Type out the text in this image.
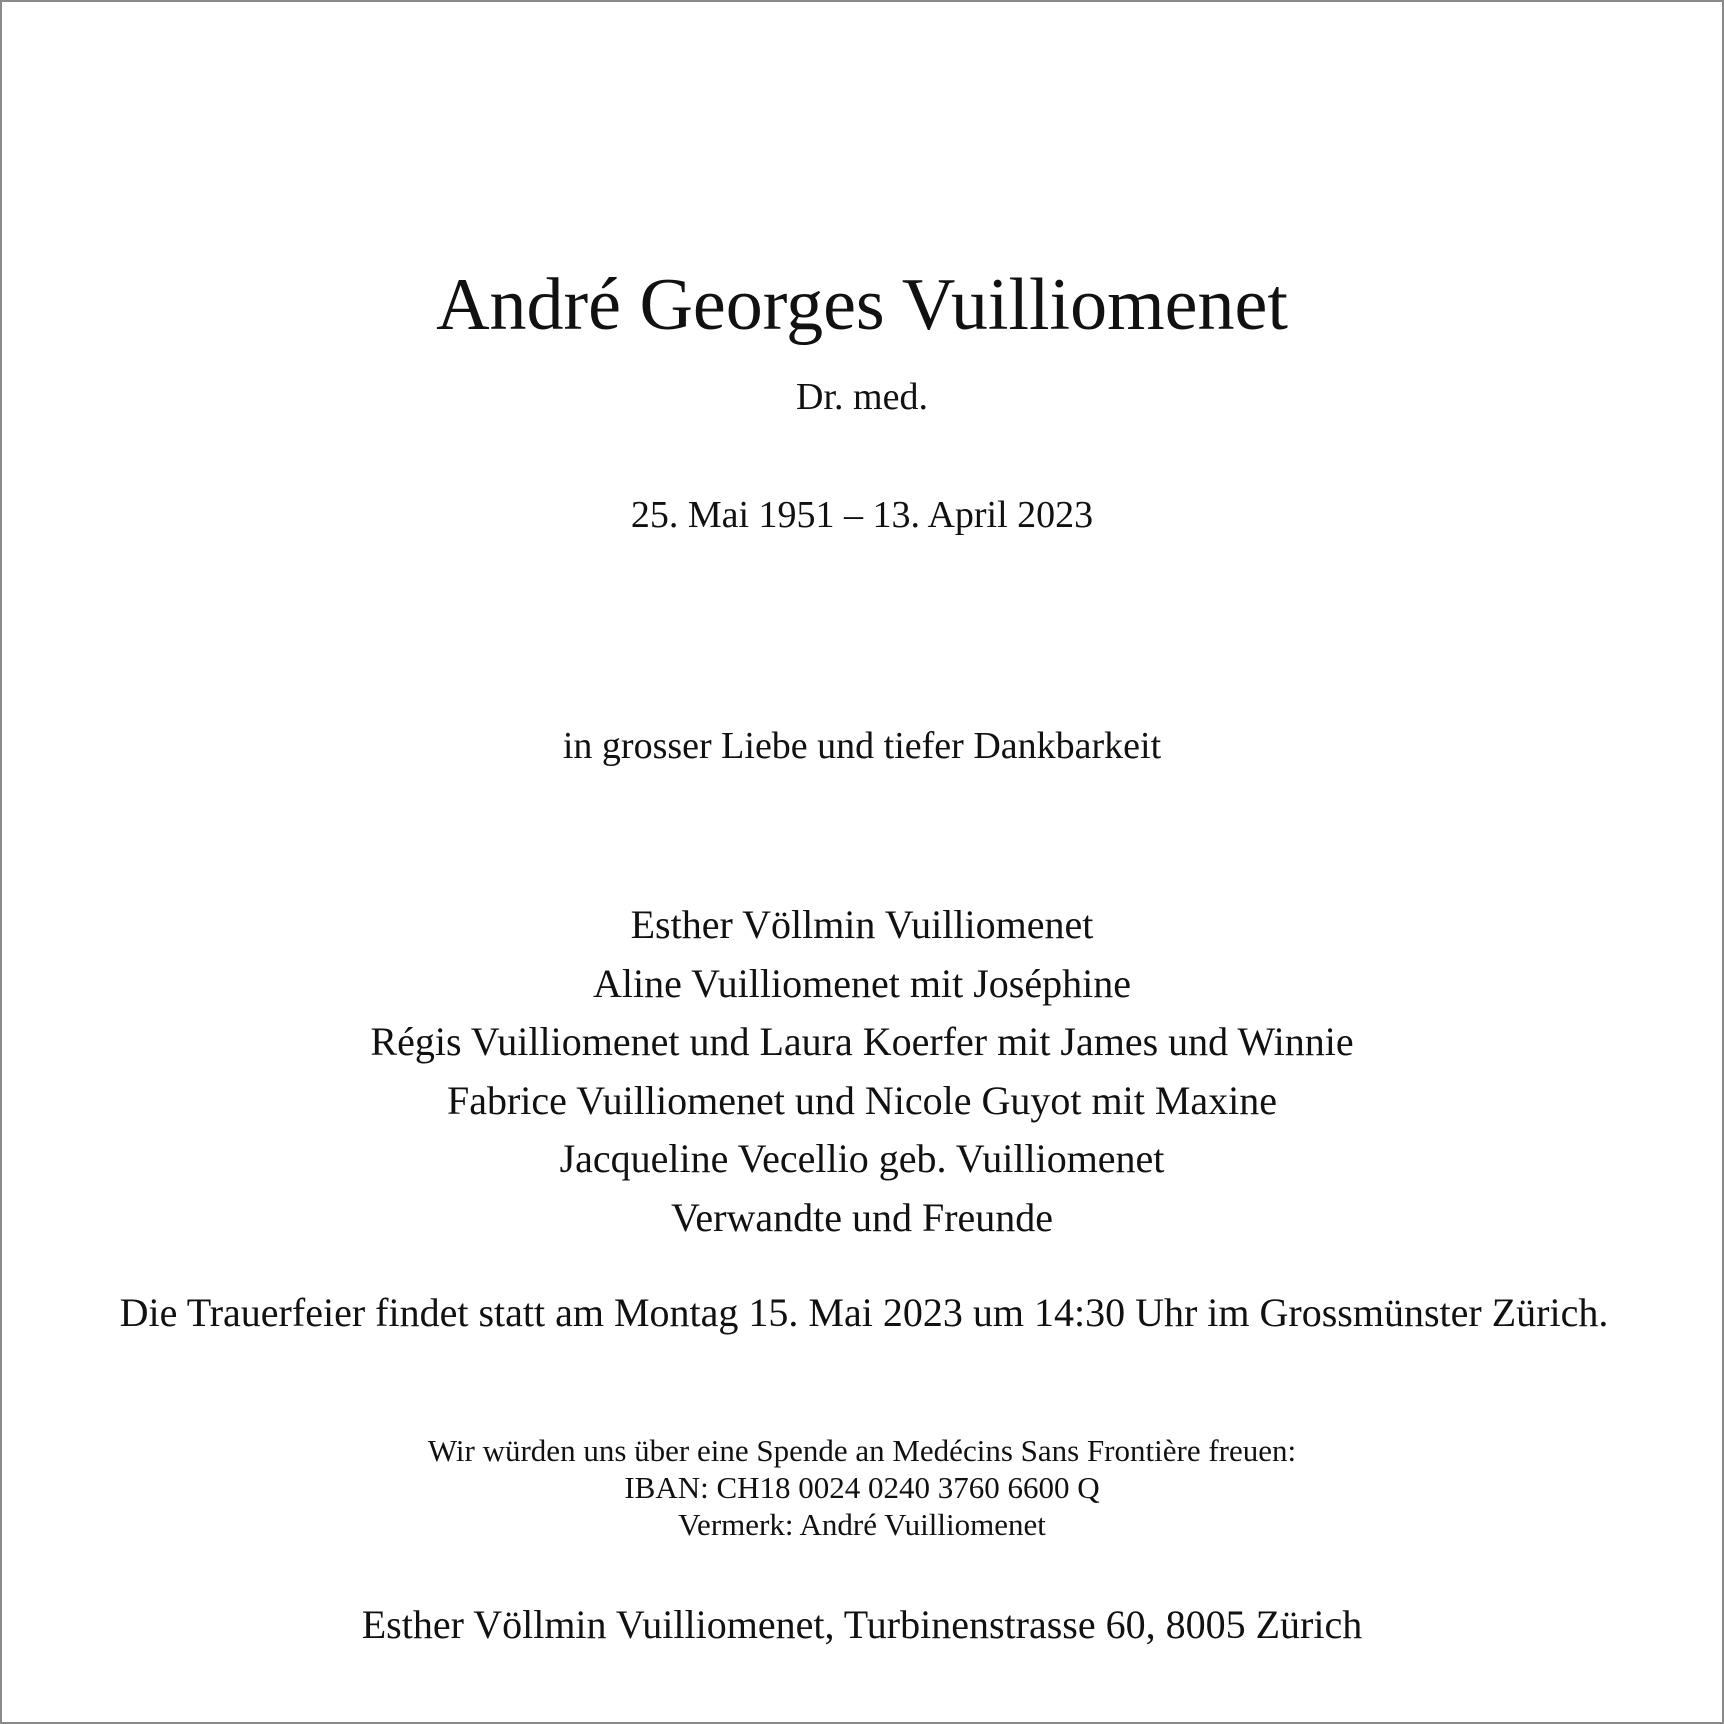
André Georges Vuilliomenet
Dr. med.
25. Mai 1951 – 13. April 2023
in grosser Liebe und tiefer Dankbarkeit
Esther Völlmin Vuilliomenet
Aline Vuilliomenet mit Joséphine
Régis Vuilliomenet und Laura Koerfer mit James und Winnie
Fabrice Vuilliomenet und Nicole Guyot mit Maxine
Jacqueline Vecellio geb. Vuilliomenet
Verwandte und Freunde
Die Trauerfeier findet statt am Montag 15. Mai 2023 um 14:30 Uhr im Grossmünster Zürich.
Wir würden uns über eine Spende an Medécins Sans Frontière freuen:
IBAN: CH18 0024 0240 3760 6600 Q
Vermerk: André Vuilliomenet
Esther Völlmin Vuilliomenet, Turbinenstrasse 60, 8005 Zürich
